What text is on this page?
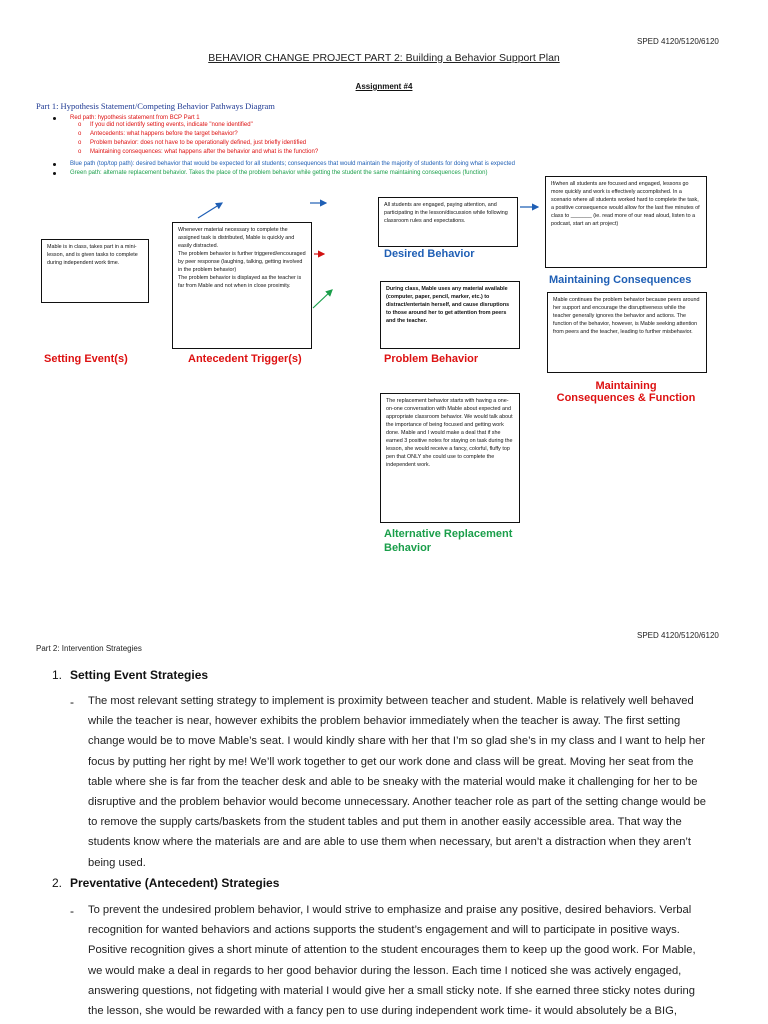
SPED 4120/5120/6120
BEHAVIOR CHANGE PROJECT PART 2: Building a Behavior Support Plan
Assignment #4
Part 1: Hypothesis Statement/Competing Behavior Pathways Diagram
Red path: hypothesis statement from BCP Part 1
o If you did not identify setting events, indicate "none identified"
o Antecedents: what happens before the target behavior?
o Problem behavior: does not have to be operationally defined, just briefly identified
o Maintaining consequences: what happens after the behavior and what is the function?
Blue path (top/top path): desired behavior that would be expected for all students; consequences that would maintain the majority of students for doing what is expected
Green path: alternate replacement behavior. Takes the place of the problem behavior while getting the student the same maintaining consequences (function)
Mable is in class, takes part in a mini-lesson, and is given tasks to complete during independent work time.
Whenever material necessary to complete the assigned task is distributed, Mable is quickly and easily distracted.
The problem behavior is further triggered/encouraged by peer response (laughing, talking, getting involved in the problem behavior)
The problem behavior is displayed as the teacher is far from Mable and not when in close proximity.
All students are engaged, paying attention, and participating in the lesson/discussion while following classroom rules and expectations.
During class, Mable uses any material available (computer, paper, pencil, marker, etc.) to distract/entertain herself, and cause disruptions to those around her to get attention from peers and the teacher.
If/when all students are focused and engaged, lessons go more quickly and work is effectively accomplished. In a scenario where all students worked hard to complete the task, a positive consequence would allow for the last five minutes of class to _______ (ie. read more of our read aloud, listen to a podcast, start an art project)
Mable continues the problem behavior because peers around her support and encourage the disruptiveness while the teacher generally ignores the behavior and actions. The function of the behavior, however, is Mable seeking attention from peers and the teacher, leading to further misbehavior.
The replacement behavior starts with having a one-on-one conversation with Mable about expected and appropriate classroom behavior. We would talk about the importance of being focused and getting work done. Mable and I would make a deal that if she earned 3 positive notes for staying on task during the lesson, she would receive a fancy, colorful, fluffy top pen that ONLY she could use to complete the independent work.
Setting Event(s)	Antecedent Trigger(s)	Problem Behavior
Maintaining
Consequences & Function
Desired Behavior
Maintaining Consequences
Alternative Replacement
Behavior
SPED 4120/5120/6120
Part 2: Intervention Strategies
1. Setting Event Strategies
- The most relevant setting strategy to implement is proximity between teacher and student. Mable is relatively well behaved
while the teacher is near, however exhibits the problem behavior immediately when the teacher is away. The first setting
change would be to move Mable’s seat. I would kindly share with her that I’m so glad she’s in my class and I want to help her
focus by putting her right by me! We’ll work together to get our work done and class will be great. Moving her seat from the
table where she is far from the teacher desk and able to be sneaky with the material would make it challenging for her to be
disruptive and the problem behavior would become unnecessary. Another teacher role as part of the setting change would be
to remove the supply carts/baskets from the student tables and put them in another easily accessible area. That way the
students know where the materials are and are able to use them when necessary, but aren’t a distraction when they aren’t
being used.
2. Preventative (Antecedent) Strategies
- To prevent the undesired problem behavior, I would strive to emphasize and praise any positive, desired behaviors. Verbal
recognition for wanted behaviors and actions supports the student’s engagement and will to participate in positive ways.
Positive recognition gives a short minute of attention to the student encourages them to keep up the good work. For Mable,
we would make a deal in regards to her good behavior during the lesson. Each time I noticed she was actively engaged,
answering questions, not fidgeting with material I would give her a small sticky note. If she earned three sticky notes during
the lesson, she would be rewarded with a fancy pen to use during independent work time- it would absolutely be a BIG,
